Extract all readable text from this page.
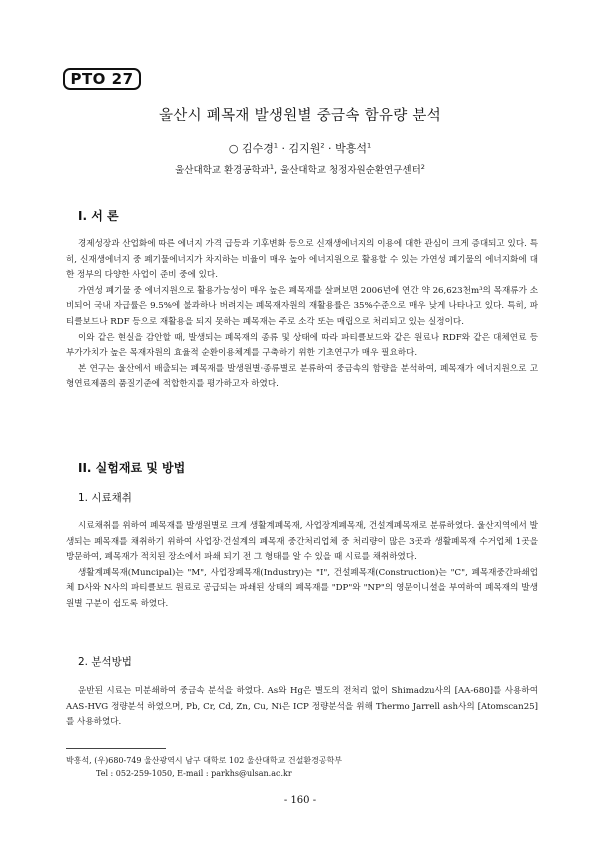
PTO 27
울산시 폐목재 발생원별 중금속 함유량 분석
○ 김수경$^1$ · 김지원$^2$ · 박흥석$^1$
울산대학교 환경공학과$^1$, 울산대학교 청정자원순환연구센터$^2$
I. 서 론

경제성장과 산업화에 따른 에너지 가격 급등과 기후변화 등으로 신재생에너지의 이용에 대한 관심이 크게 증대되고 있다. 특히, 신재생에너지 중 폐기물에너지가 차지하는 비율이 매우 높아 에너지원으로 활용할 수 있는 가연성 폐기물의 에너지화에 대한 정부의 다양한 사업이 준비 중에 있다.

가연성 폐기물 중 에너지원으로 활용가능성이 매우 높은 폐목재를 살펴보면 2006년에 연간 약 26,623천m³의 목재류가 소비되어 국내 자급률은 9.5%에 불과하나 버려지는 폐목재자원의 재활용률은 35%수준으로 매우 낮게 나타나고 있다. 특히, 파티클보드나 RDF 등으로 재활용을 되지 못하는 폐목재는 주로 소각 또는 매립으로 처리되고 있는 실정이다.

이와 같은 현실을 감안할 때, 발생되는 폐목재의 종류 및 상태에 따라 파티클보드와 같은 원료나 RDF와 같은 대체연료 등 부가가치가 높은 목재자원의 효율적 순환이용체계를 구축하기 위한 기초연구가 매우 필요하다.

본 연구는 울산에서 배출되는 폐목재를 발생원별·종류별로 분류하여 중금속의 함량을 분석하여, 폐목재가 에너지원으로 고형연료제품의 품질기준에 적합한지를 평가하고자 하였다.

II. 실험재료 및 방법
1. 시료채취

시료채취를 위하여 폐목재를 발생원별로 크게 생활계폐목재, 사업장계폐목재, 건설계폐목재로 분류하였다. 울산지역에서 발생되는 폐목재를 채취하기 위하여 사업장·건설계의 폐목재 중간처리업체 중 처리량이 많은 3곳과 생활폐목재 수거업체 1곳을 방문하여, 폐목재가 적치된 장소에서 파쇄 되기 전 그 형태를 알 수 있을 때 시료를 채취하였다.

생활계폐목재(Muncipal)는 "M", 사업장폐목재(Industry)는 "I", 건설폐목재(Construction)는 "C", 폐목재중간파쇄업체 D사와 N사의 파티클보드 원료로 공급되는 파쇄된 상태의 폐목재를 "DP"와 "NP"의 영문이니셜을 부여하여 폐목재의 발생원별 구분이 쉽도록 하였다.

2. 분석방법

운반된 시료는 미분쇄하여 중금속 분석을 하였다. As와 Hg은 별도의 전처리 없이 Shimadzu사의 [AA-680]를 사용하여 AAS-HVG 정량분석 하였으며, Pb, Cr, Cd, Zn, Cu, Ni은 ICP 정량분석을 위해 Thermo Jarrell ash사의 [Atomscan25]를 사용하였다.

박흥석, (우)680-749 울산광역시 남구 대학로 102 울산대학교 건설환경공학부
Tel : 052-259-1050, E-mail : parkhs@ulsan.ac.kr
- 160 -
